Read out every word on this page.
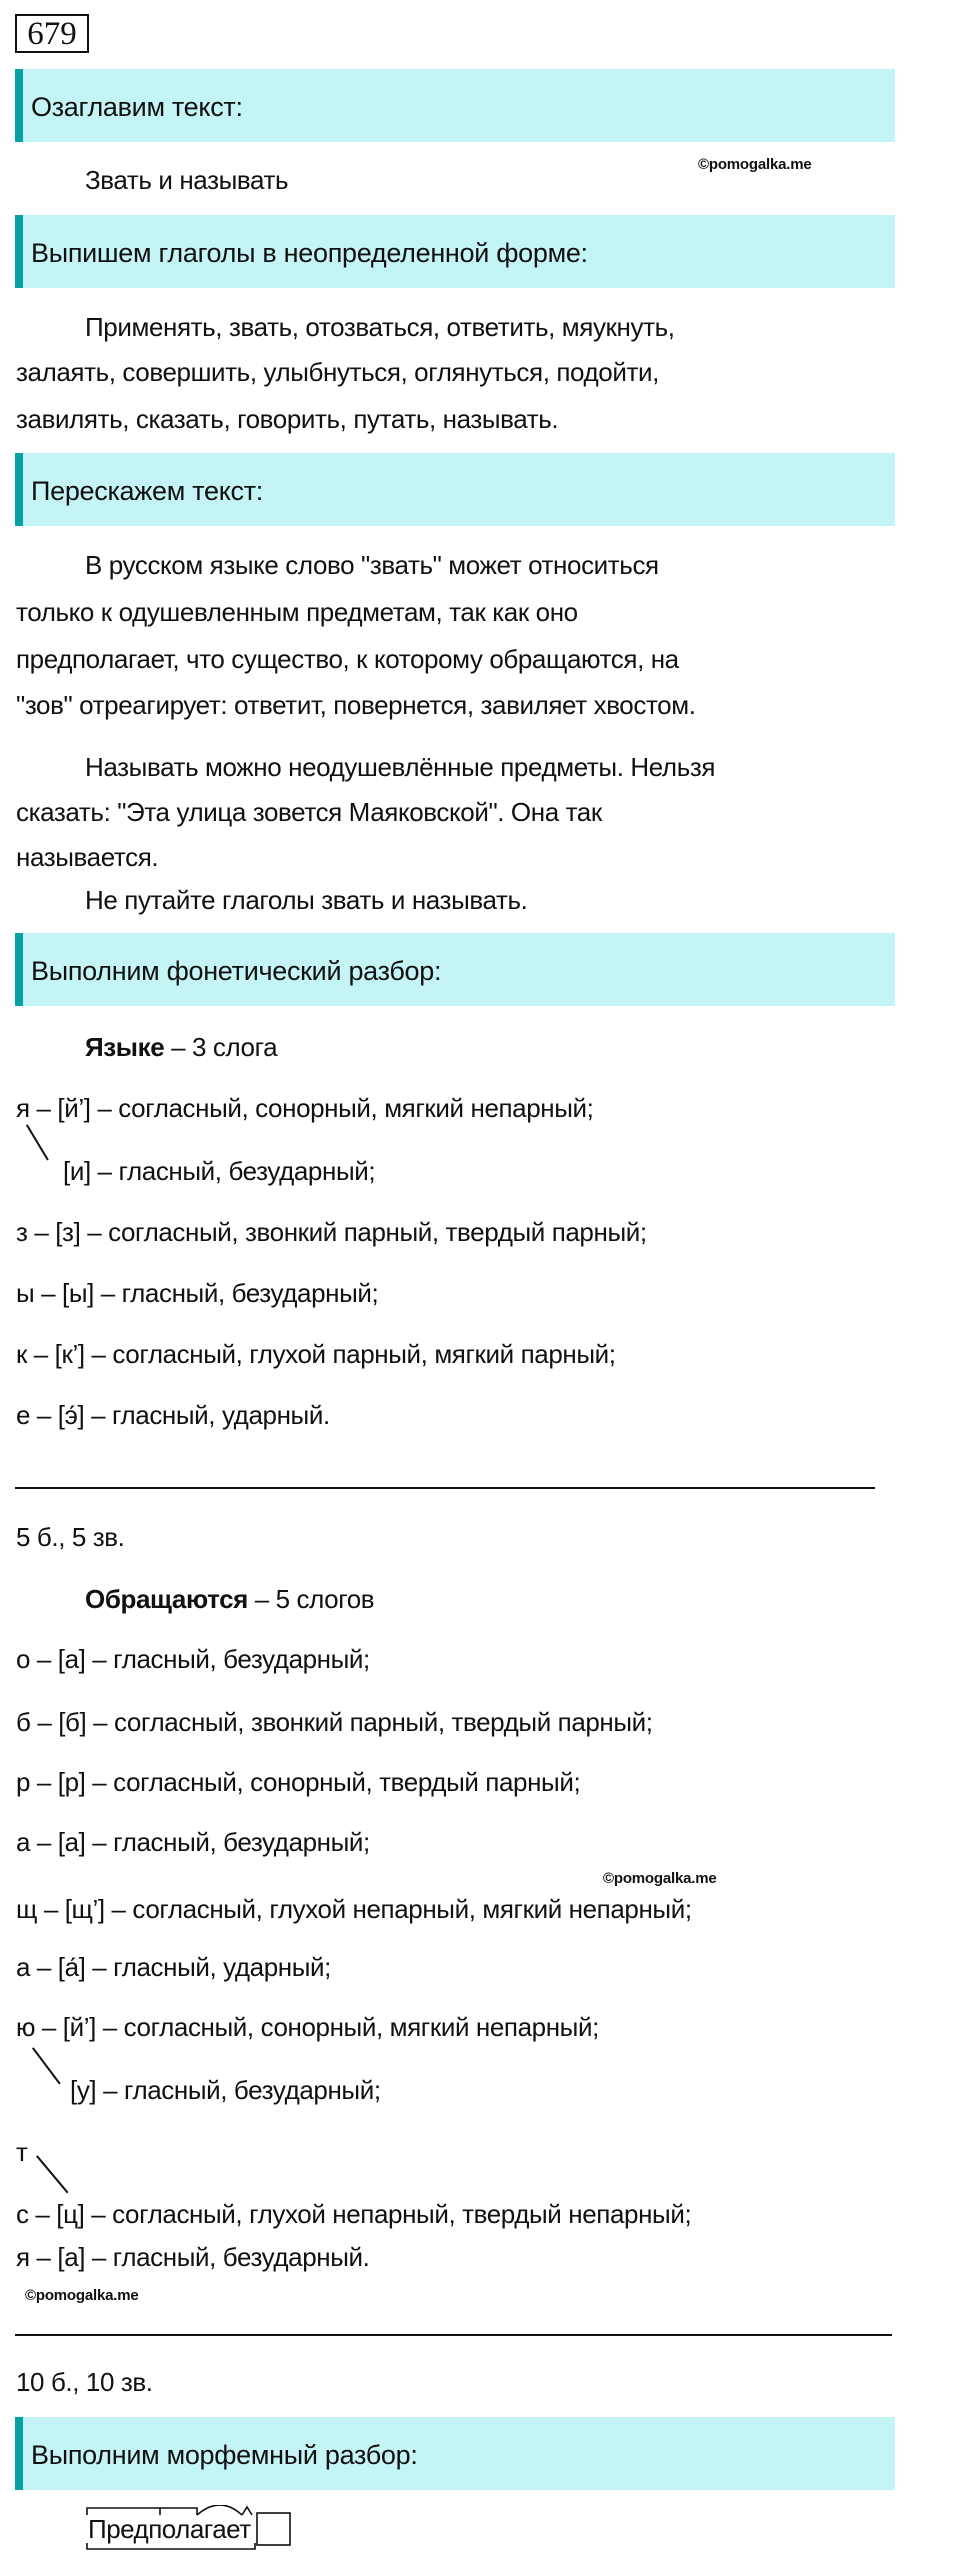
679
Озаглавим текст:
Звать и называть
©pomogalka.me
Выпишем глаголы в неопределенной форме:
Применять, звать, отозваться, ответить, мяукнуть,
залаять, совершить, улыбнуться, оглянуться, подойти,
завилять, сказать, говорить, путать, называть.
Перескажем текст:
В русском языке слово "звать" может относиться
только к одушевленным предметам, так как оно
предполагает, что существо, к которому обращаются, на
"зов" отреагирует: ответит, повернется, завиляет хвостом.
Называть можно неодушевлённые предметы. Нельзя
сказать: "Эта улица зовется Маяковской". Она так
называется.
Не путайте глаголы звать и называть.
Выполним фонетический разбор:
Языке – 3 слога
я – [й’] – согласный, сонорный, мягкий непарный;
[и] – гласный, безударный;
з – [з] – согласный, звонкий парный, твердый парный;
ы – [ы] – гласный, безударный;
к – [к’] – согласный, глухой парный, мягкий парный;
е – [э́] – гласный, ударный.
5 б., 5 зв.
Обращаются – 5 слогов
о – [а] – гласный, безударный;
б – [б] – согласный, звонкий парный, твердый парный;
р – [р] – согласный, сонорный, твердый парный;
а – [а] – гласный, безударный;
©pomogalka.me
щ – [щ’] – согласный, глухой непарный, мягкий непарный;
а – [а́] – гласный, ударный;
ю – [й’] – согласный, сонорный, мягкий непарный;
[у] – гласный, безударный;
т
с – [ц] – согласный, глухой непарный, твердый непарный;
я – [а] – гласный, безударный.
©pomogalka.me
10 б., 10 зв.
Выполним морфемный разбор:
Предполагает
